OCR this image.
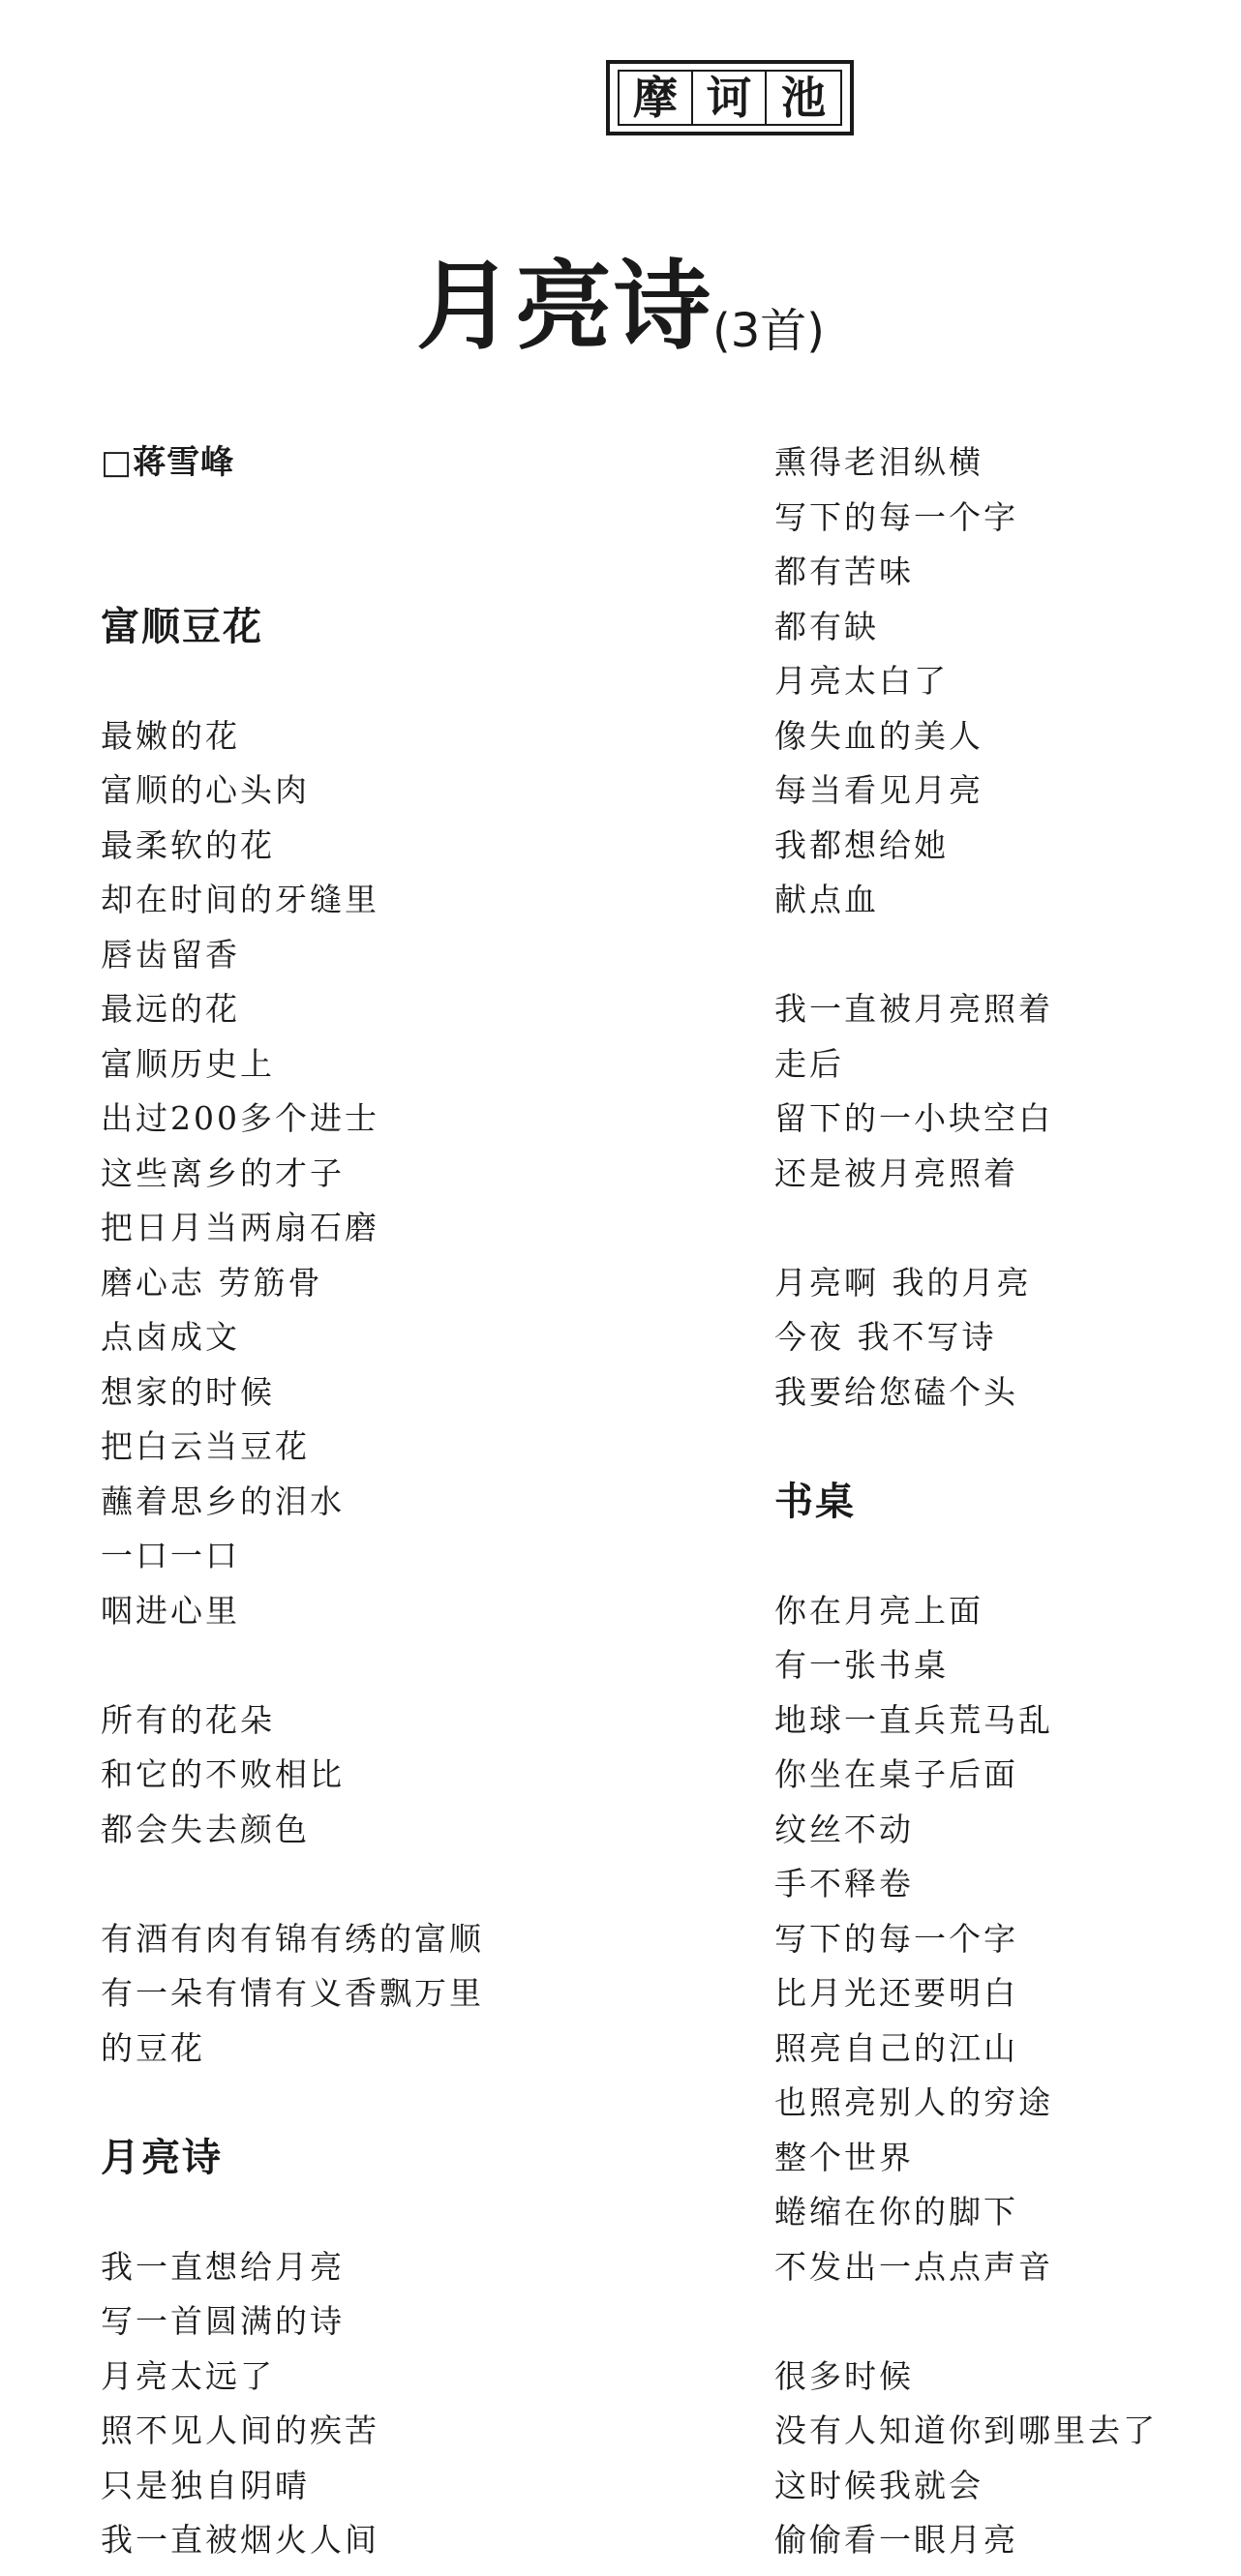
摩 诃 池
月亮诗(3首)
□蒋雪峰
富顺豆花
最嫩的花
富顺的心头肉
最柔软的花
却在时间的牙缝里
唇齿留香
最远的花
富顺历史上
出过200多个进士
这些离乡的才子
把日月当两扇石磨
磨心志 劳筋骨
点卤成文
想家的时候
把白云当豆花
蘸着思乡的泪水
一口一口
咽进心里
所有的花朵
和它的不败相比
都会失去颜色
有酒有肉有锦有绣的富顺
有一朵有情有义香飘万里
的豆花
月亮诗
我一直想给月亮
写一首圆满的诗
月亮太远了
照不见人间的疾苦
只是独自阴晴
我一直被烟火人间
熏得老泪纵横
写下的每一个字
都有苦味
都有缺
月亮太白了
像失血的美人
每当看见月亮
我都想给她
献点血
我一直被月亮照着
走后
留下的一小块空白
还是被月亮照着
月亮啊 我的月亮
今夜 我不写诗
我要给您磕个头
书桌
你在月亮上面
有一张书桌
地球一直兵荒马乱
你坐在桌子后面
纹丝不动
手不释卷
写下的每一个字
比月光还要明白
照亮自己的江山
也照亮别人的穷途
整个世界
蜷缩在你的脚下
不发出一点点声音
很多时候
没有人知道你到哪里去了
这时候我就会
偷偷看一眼月亮
